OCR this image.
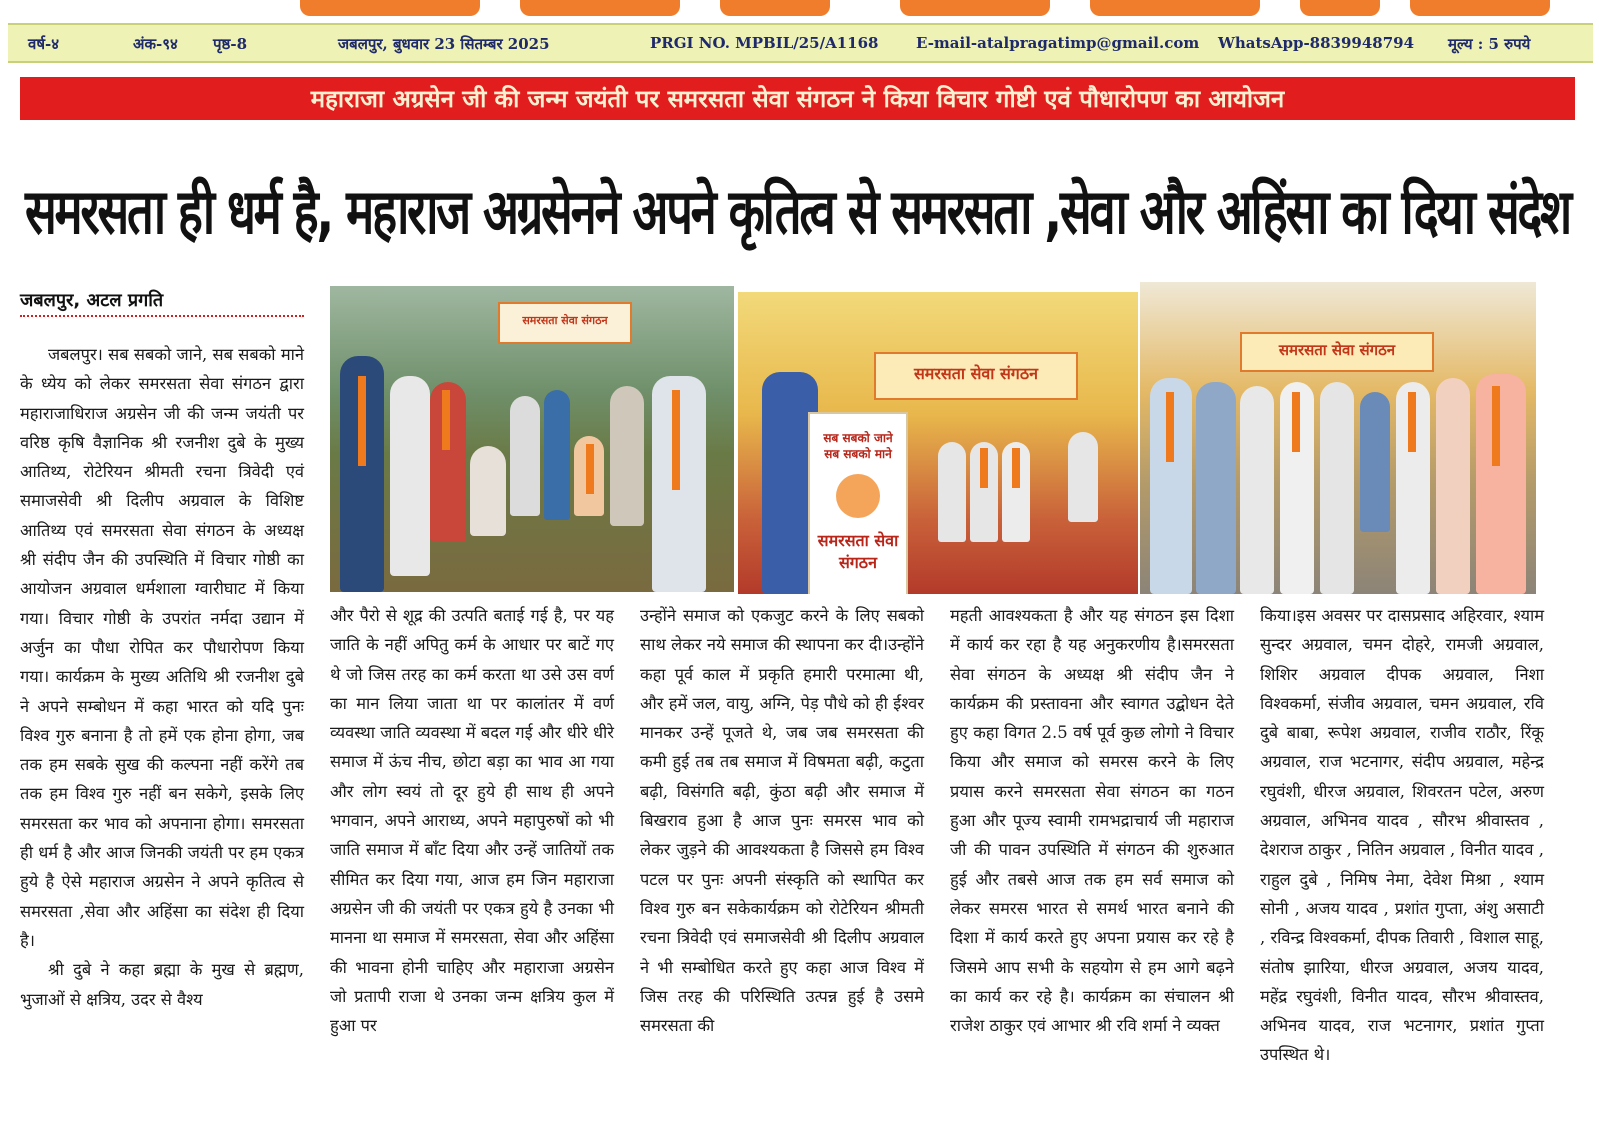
वर्ष-४	अंक-९४ पृष्ठ-8	जबलपुर, बुधवार 23 सितम्बर 2025	PRGI NO. MPBIL/25/A1168	E-mail-atalpragatimp@gmail.com WhatsApp-8839948794 मूल्य : 5 रुपये
महाराजा अग्रसेन जी की जन्म जयंती पर समरसता सेवा संगठन ने किया विचार गोष्टी एवं पौधारोपण का आयोजन
समरसता ही धर्म है, महाराज अग्रसेनने अपने कृतित्व से समरसता ,सेवा और अहिंसा का दिया संदेश
जबलपुर, अटल प्रगति

जबलपुर। सब सबको जाने, सब सबको माने के ध्येय को लेकर समरसता सेवा संगठन द्वारा महाराजाधिराज अग्रसेन जी की जन्म जयंती पर वरिष्ठ कृषि वैज्ञानिक श्री रजनीश दुबे के मुख्य आतिथ्य, रोटेरियन श्रीमती रचना त्रिवेदी एवं समाजसेवी श्री दिलीप अग्रवाल के विशिष्ट आतिथ्य एवं समरसता सेवा संगठन के अध्यक्ष श्री संदीप जैन की उपस्थिति में विचार गोष्ठी का आयोजन अग्रवाल धर्मशाला ग्वारीघाट में किया गया। विचार गोष्ठी के उपरांत नर्मदा उद्यान में अर्जुन का पौधा रोपित कर पौधारोपण किया गया। कार्यक्रम के मुख्य अतिथि श्री रजनीश दुबे ने अपने सम्बोधन में कहा भारत को यदि पुनः विश्व गुरु बनाना है तो हमें एक होना होगा, जब तक हम सबके सुख की कल्पना नहीं करेंगे तब तक हम विश्व गुरु नहीं बन सकेगे, इसके लिए समरसता कर भाव को अपनाना होगा। समरसता ही धर्म है और आज जिनकी जयंती पर हम एकत्र हुये है ऐसे महाराज अग्रसेन ने अपने कृतित्व से समरसता ,सेवा और अहिंसा का संदेश ही दिया है।

श्री दुबे ने कहा ब्रह्मा के मुख से ब्रह्मण, भुजाओं से क्षत्रिय, उदर से वैश्य

समरसता सेवा संगठन
समरसता सेवा संगठन
सब सबको जाने सब सबको माने
समरसता सेवा संगठन
समरसता सेवा संगठन

और पैरो से शूद्र की उत्पति बताई गई है, पर यह जाति के नहीं अपितु कर्म के आधार पर बाटें गए थे जो जिस तरह का कर्म करता था उसे उस वर्ण का मान लिया जाता था पर कालांतर में वर्ण व्यवस्था जाति व्यवस्था में बदल गई और धीरे धीरे समाज में ऊंच नीच, छोटा बड़ा का भाव आ गया और लोग स्वयं तो दूर हुये ही साथ ही अपने भगवान, अपने आराध्य, अपने महापुरुषों को भी जाति समाज में बाँट दिया और उन्हें जातियों तक सीमित कर दिया गया, आज हम जिन महाराजा अग्रसेन जी की जयंती पर एकत्र हुये है उनका भी मानना था समाज में समरसता, सेवा और अहिंसा की भावना होनी चाहिए और महाराजा अग्रसेन जो प्रतापी राजा थे उनका जन्म क्षत्रिय कुल में हुआ पर

उन्होंने समाज को एकजुट करने के लिए सबको साथ लेकर नये समाज की स्थापना कर दी।उन्होंने कहा पूर्व काल में प्रकृति हमारी परमात्मा थी, और हमें जल, वायु, अग्नि, पेड़ पौधे को ही ईश्वर मानकर उन्हें पूजते थे, जब जब समरसता की कमी हुई तब तब समाज में विषमता बढ़ी, कटुता बढ़ी, विसंगति बढ़ी, कुंठा बढ़ी और समाज में बिखराव हुआ है आज पुनः समरस भाव को लेकर जुड़ने की आवश्यकता है जिससे हम विश्व पटल पर पुनः अपनी संस्कृति को स्थापित कर विश्व गुरु बन सकेकार्यक्रम को रोटेरियन श्रीमती रचना त्रिवेदी एवं समाजसेवी श्री दिलीप अग्रवाल ने भी सम्बोधित करते हुए कहा आज विश्व में जिस तरह की परिस्थिति उत्पन्न हुई है उसमे समरसता की

महती आवश्यकता है और यह संगठन इस दिशा में कार्य कर रहा है यह अनुकरणीय है।समरसता सेवा संगठन के अध्यक्ष श्री संदीप जैन ने कार्यक्रम की प्रस्तावना और स्वागत उद्बोधन देते हुए कहा विगत 2.5 वर्ष पूर्व कुछ लोगो ने विचार किया और समाज को समरस करने के लिए प्रयास करने समरसता सेवा संगठन का गठन हुआ और पूज्य स्वामी रामभद्राचार्य जी महाराज जी की पावन उपस्थिति में संगठन की शुरुआत हुई और तबसे आज तक हम सर्व समाज को लेकर समरस भारत से समर्थ भारत बनाने की दिशा में कार्य करते हुए अपना प्रयास कर रहे है जिसमे आप सभी के सहयोग से हम आगे बढ़ने का कार्य कर रहे है। कार्यक्रम का संचालन श्री राजेश ठाकुर एवं आभार श्री रवि शर्मा ने व्यक्त

किया।इस अवसर पर दासप्रसाद अहिरवार, श्याम सुन्दर अग्रवाल, चमन दोहरे, रामजी अग्रवाल, शिशिर अग्रवाल दीपक अग्रवाल, निशा विश्वकर्मा, संजीव अग्रवाल, चमन अग्रवाल, रवि दुबे बाबा, रूपेश अग्रवाल, राजीव राठौर, रिंकू अग्रवाल, राज भटनागर, संदीप अग्रवाल, महेन्द्र रघुवंशी, धीरज अग्रवाल, शिवरतन पटेल, अरुण अग्रवाल, अभिनव यादव , सौरभ श्रीवास्तव , देशराज ठाकुर , नितिन अग्रवाल , विनीत यादव , राहुल दुबे , निमिष नेमा, देवेश मिश्रा , श्याम सोनी , अजय यादव , प्रशांत गुप्ता, अंशु असाटी , रविन्द्र विश्वकर्मा, दीपक तिवारी , विशाल साहू, संतोष झारिया, धीरज अग्रवाल, अजय यादव, महेंद्र रघुवंशी, विनीत यादव, सौरभ श्रीवास्तव, अभिनव यादव, राज भटनागर, प्रशांत गुप्ता उपस्थित थे।
